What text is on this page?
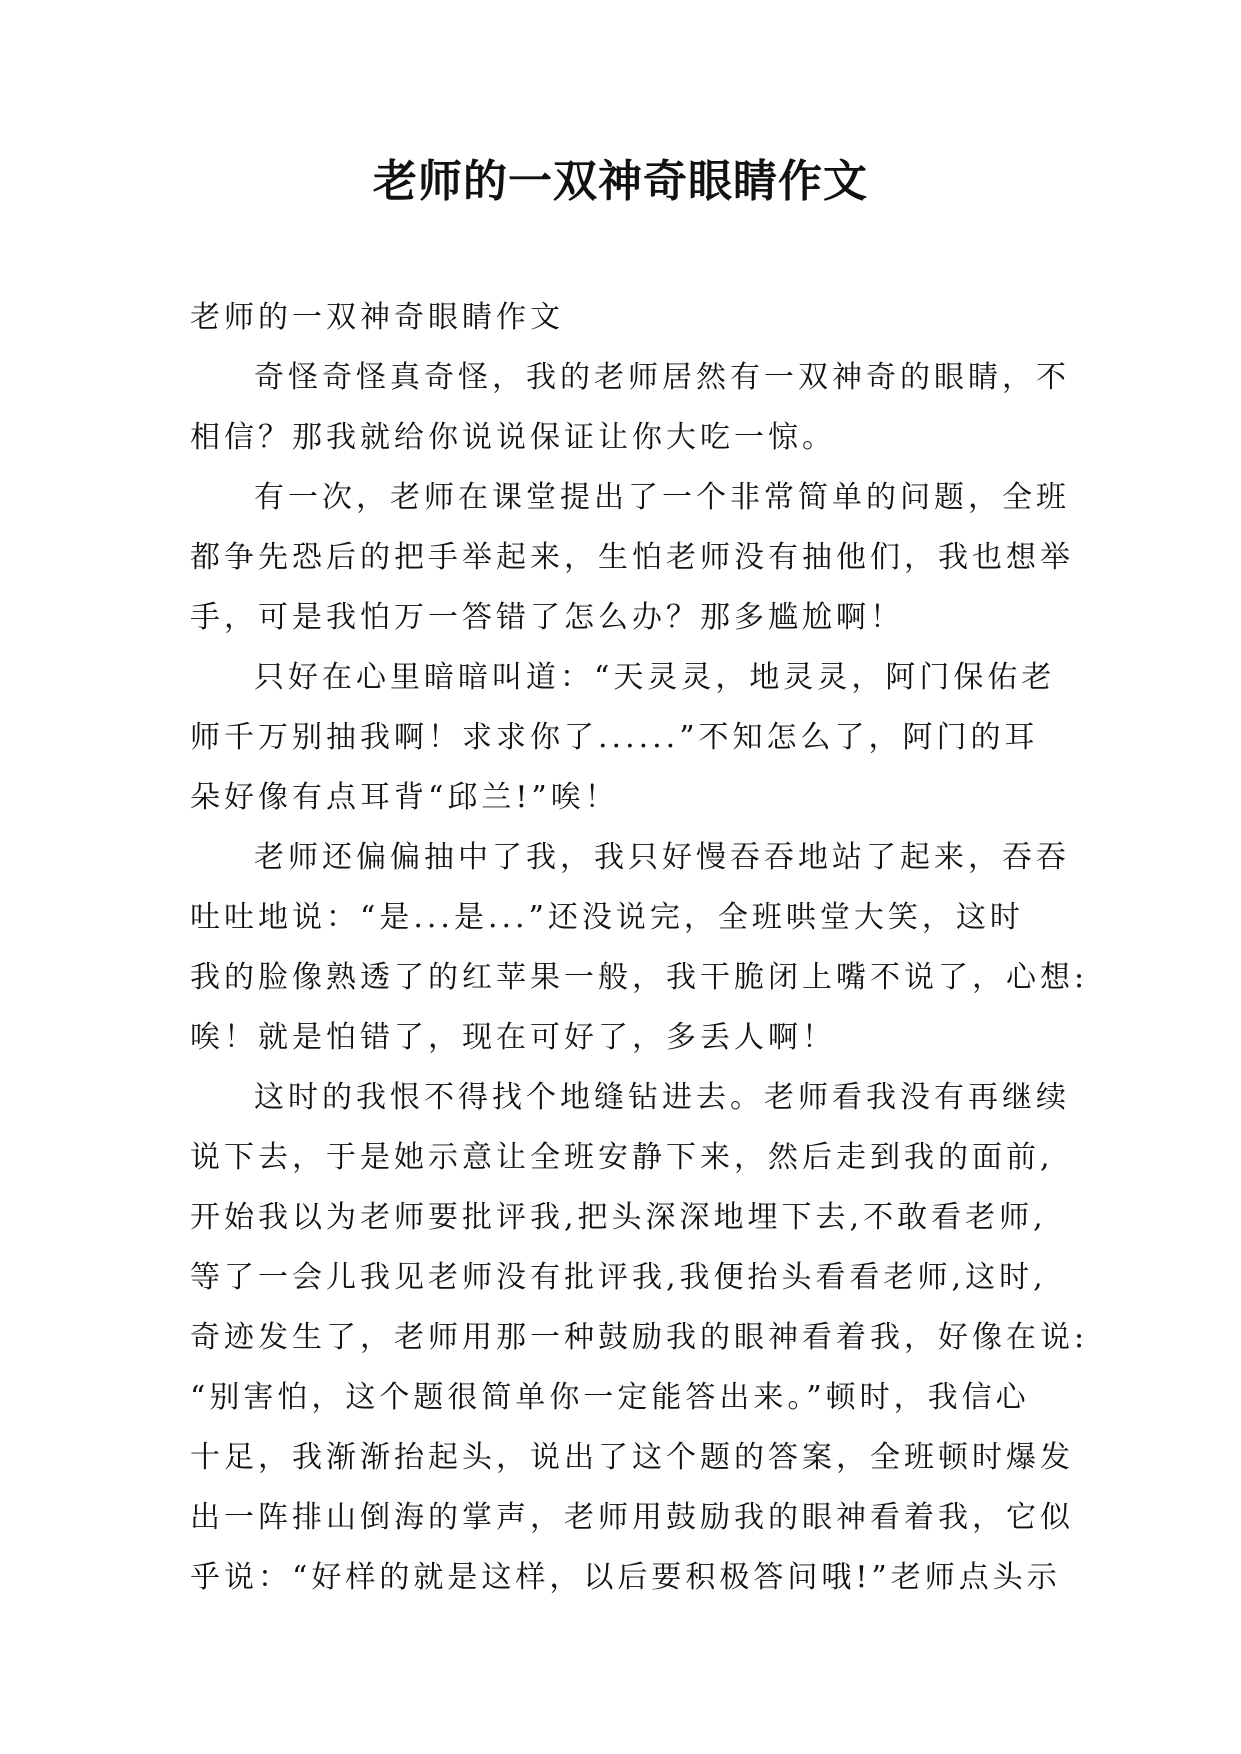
老师的一双神奇眼睛作文
老师的一双神奇眼睛作文
奇怪奇怪真奇怪，我的老师居然有一双神奇的眼睛，不
相信？那我就给你说说保证让你大吃一惊。
有一次，老师在课堂提出了一个非常简单的问题，全班
都争先恐后的把手举起来，生怕老师没有抽他们，我也想举
手，可是我怕万一答错了怎么办？那多尴尬啊！
只好在心里暗暗叫道：“天灵灵，地灵灵，阿门保佑老
师千万别抽我啊！求求你了......”不知怎么了，阿门的耳
朵好像有点耳背“邱兰!”唉！
老师还偏偏抽中了我，我只好慢吞吞地站了起来，吞吞
吐吐地说：“是...是...”还没说完，全班哄堂大笑，这时
我的脸像熟透了的红苹果一般，我干脆闭上嘴不说了，心想:
唉！就是怕错了，现在可好了，多丢人啊！
这时的我恨不得找个地缝钻进去。老师看我没有再继续
说下去，于是她示意让全班安静下来，然后走到我的面前,
开始我以为老师要批评我,把头深深地埋下去,不敢看老师,
等了一会儿我见老师没有批评我,我便抬头看看老师,这时,
奇迹发生了，老师用那一种鼓励我的眼神看着我，好像在说:
“别害怕，这个题很简单你一定能答出来。”顿时，我信心
十足，我渐渐抬起头，说出了这个题的答案，全班顿时爆发
出一阵排山倒海的掌声，老师用鼓励我的眼神看着我，它似
乎说：“好样的就是这样，以后要积极答问哦!”老师点头示
